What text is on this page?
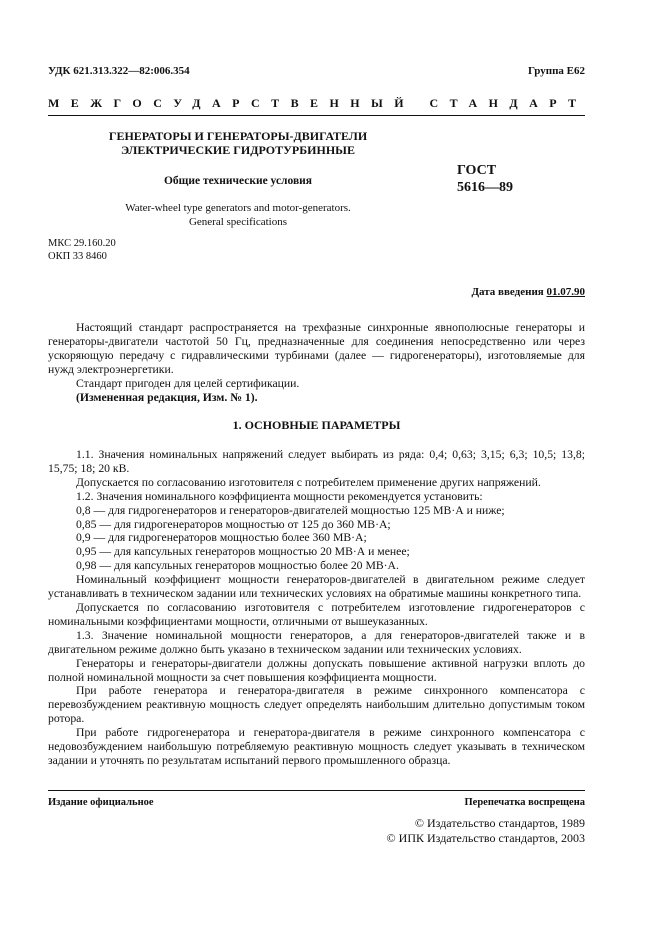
УДК 621.313.322—82:006.354	Группа Е62
МЕЖГОСУДАРСТВЕННЫЙ СТАНДАРТ
ГЕНЕРАТОРЫ И ГЕНЕРАТОРЫ-ДВИГАТЕЛИ
ЭЛЕКТРИЧЕСКИЕ ГИДРОТУРБИННЫЕ
Общие технические условия
Water-wheel type generators and motor-generators.
General specifications
ГОСТ
5616—89
МКС 29.160.20
ОКП 33 8460
Дата введения 01.07.90

Настоящий стандарт распространяется на трехфазные синхронные явнополюсные генераторы и генераторы-двигатели частотой 50 Гц, предназначенные для соединения непосредственно или через ускоряющую передачу с гидравлическими турбинами (далее — гидрогенераторы), изготовляемые для нужд электроэнергетики.

Стандарт пригоден для целей сертификации.

(Измененная редакция, Изм. № 1).

1. ОСНОВНЫЕ ПАРАМЕТРЫ

1.1. Значения номинальных напряжений следует выбирать из ряда: 0,4; 0,63; 3,15; 6,3; 10,5; 13,8; 15,75; 18; 20 кВ.

Допускается по согласованию изготовителя с потребителем применение других напряжений.

1.2. Значения номинального коэффициента мощности рекомендуется установить:

0,8 — для гидрогенераторов и генераторов-двигателей мощностью 125 МВ·А и ниже;

0,85 — для гидрогенераторов мощностью от 125 до 360 МВ·А;

0,9 — для гидрогенераторов мощностью более 360 МВ·А;

0,95 — для капсульных генераторов мощностью 20 МВ·А и менее;

0,98 — для капсульных генераторов мощностью более 20 МВ·А.

Номинальный коэффициент мощности генераторов-двигателей в двигательном режиме следует устанавливать в техническом задании или технических условиях на обратимые машины конкретного типа.

Допускается по согласованию изготовителя с потребителем изготовление гидрогенераторов с номинальными коэффициентами мощности, отличными от вышеуказанных.

1.3. Значение номинальной мощности генераторов, а для генераторов-двигателей также и в двигательном режиме должно быть указано в техническом задании или технических условиях.

Генераторы и генераторы-двигатели должны допускать повышение активной нагрузки вплоть до полной номинальной мощности за счет повышения коэффициента мощности.

При работе генератора и генератора-двигателя в режиме синхронного компенсатора с перевозбуждением реактивную мощность следует определять наибольшим длительно допустимым током ротора.

При работе гидрогенератора и генератора-двигателя в режиме синхронного компенсатора с недовозбуждением наибольшую потребляемую реактивную мощность следует указывать в техническом задании и уточнять по результатам испытаний первого промышленного образца.

Издание официальное	Перепечатка воспрещена
© Издательство стандартов, 1989
© ИПК Издательство стандартов, 2003
